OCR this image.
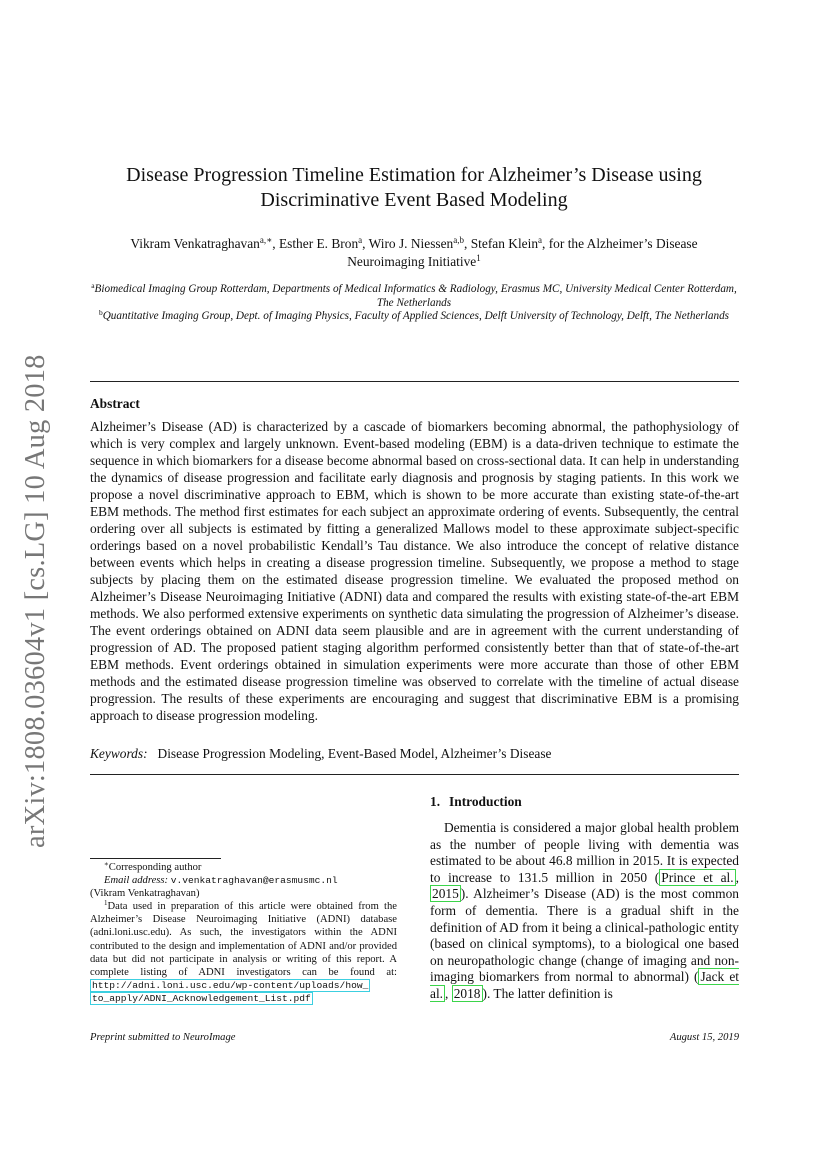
arXiv:1808.03604v1 [cs.LG] 10 Aug 2018
Disease Progression Timeline Estimation for Alzheimer’s Disease using
Discriminative Event Based Modeling
Vikram Venkatraghavan$^{a,∗}$, Esther E. Bron$^a$, Wiro J. Niessen$^{a,b}$, Stefan Klein$^a$, for the Alzheimer’s Disease
Neuroimaging Initiative$^1$
$^a$Biomedical Imaging Group Rotterdam, Departments of Medical Informatics & Radiology, Erasmus MC, University Medical Center Rotterdam, The Netherlands
$^b$Quantitative Imaging Group, Dept. of Imaging Physics, Faculty of Applied Sciences, Delft University of Technology, Delft, The Netherlands
Abstract
Alzheimer’s Disease (AD) is characterized by a cascade of biomarkers becoming abnormal, the pathophysiology of which is very complex and largely unknown. Event-based modeling (EBM) is a data-driven technique to estimate the sequence in which biomarkers for a disease become abnormal based on cross-sectional data. It can help in understanding the dynamics of disease progression and facilitate early diagnosis and prognosis by staging patients. In this work we propose a novel discriminative approach to EBM, which is shown to be more accurate than existing state-of-the-art EBM methods. The method first estimates for each subject an approximate ordering of events. Subsequently, the central ordering over all subjects is estimated by fitting a generalized Mallows model to these approximate subject-specific orderings based on a novel probabilistic Kendall’s Tau distance. We also introduce the concept of relative distance between events which helps in creating a disease progression timeline. Subsequently, we propose a method to stage subjects by placing them on the estimated disease progression timeline. We evaluated the proposed method on Alzheimer’s Disease Neuroimaging Initiative (ADNI) data and compared the results with existing state-of-the-art EBM methods. We also performed extensive experiments on synthetic data simulating the progression of Alzheimer’s disease. The event orderings obtained on ADNI data seem plausible and are in agreement with the current understanding of progression of AD. The proposed patient staging algorithm performed consistently better than that of state-of-the-art EBM methods. Event orderings obtained in simulation experiments were more accurate than those of other EBM methods and the estimated disease progression timeline was observed to correlate with the timeline of actual disease progression. The results of these experiments are encouraging and suggest that discriminative EBM is a promising approach to disease progression modeling.
Keywords: Disease Progression Modeling, Event-Based Model, Alzheimer’s Disease
1. Introduction
Dementia is considered a major global health problem as the number of people living with dementia was estimated to be about 46.8 million in 2015. It is expected to increase to 131.5 million in 2050 ( Prince et al. , 2015 ). Alzheimer’s Disease (AD) is the most common form of dementia. There is a gradual shift in the definition of AD from it being a clinical-pathologic entity (based on clinical symptoms), to a biological one based on neuropathologic change (change of imaging and non-imaging biomarkers from normal to abnormal) ( Jack et al. , 2018 ). The latter definition is

∗Corresponding author

Email address: v.venkatraghavan@erasmusmc.nl

(Vikram Venkatraghavan)

$^1$Data used in preparation of this article were obtained from the Alzheimer’s Disease Neuroimaging Initiative (ADNI) database (adni.loni.usc.edu). As such, the investigators within the ADNI contributed to the design and implementation of ADNI and/or provided data but did not participate in analysis or writing of this report. A complete listing of ADNI investigators can be found at: http://adni.loni.usc.edu/wp-content/uploads/how_ to_apply/ADNI_Acknowledgement_List.pdf

Preprint submitted to NeuroImage	August 15, 2019
